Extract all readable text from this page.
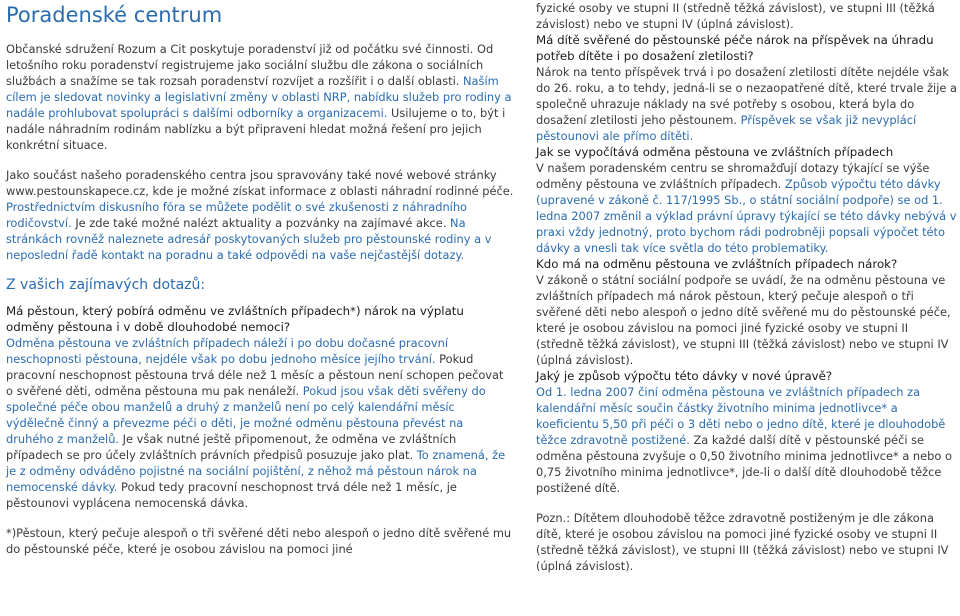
Poradenské centrum

Občanské sdružení Rozum a Cit poskytuje poradenství již od počátku své činnosti. Od letošního roku poradenství registrujeme jako sociální službu dle zákona o sociálních službách a snažíme se tak rozsah poradenství rozvíjet a rozšířit i o další oblasti. Naším cílem je sledovat novinky a legislativní změny v oblasti NRP, nabídku služeb pro rodiny a nadále prohlubovat spolupráci s dalšími odborníky a organizacemi. Usilujeme o to, být i nadále náhradním rodinám nablízku a být připraveni hledat možná řešení pro jejich konkrétní situace.

Jako součást našeho poradenského centra jsou spravovány také nové webové stránky www.pestounskapece.cz, kde je možné získat informace z oblasti náhradní rodinné péče. Prostřednictvím diskusního fóra se můžete podělit o své zkušenosti z náhradního rodičovství. Je zde také možné nalézt aktuality a pozvánky na zajímavé akce. Na stránkách rovněž naleznete adresář poskytovaných služeb pro pěstounské rodiny a v neposlední řadě kontakt na poradnu a také odpovědi na vaše nejčastější dotazy.

Z vašich zajímavých dotazů:

Má pěstoun, který pobírá odměnu ve zvláštních případech*) nárok na výplatu odměny pěstouna i v době dlouhodobé nemoci?

Odměna pěstouna ve zvláštních případech náleží i po dobu dočasné pracovní neschopnosti pěstouna, nejdéle však po dobu jednoho měsíce jejího trvání. Pokud pracovní neschopnost pěstouna trvá déle než 1 měsíc a pěstoun není schopen pečovat o svěřené děti, odměna pěstouna mu pak nenáleží. Pokud jsou však děti svěřeny do společné péče obou manželů a druhý z manželů není po celý kalendářní měsíc výdělečně činný a převezme péči o děti, je možné odměnu pěstouna převést na druhého z manželů. Je však nutné ještě připomenout, že odměna ve zvláštních případech se pro účely zvláštních právních předpisů posuzuje jako plat. To znamená, že je z odměny odváděno pojistné na sociální pojištění, z něhož má pěstoun nárok na nemocenské dávky. Pokud tedy pracovní neschopnost trvá déle než 1 měsíc, je pěstounovi vyplácena nemocenská dávka.

*)Pěstoun, který pečuje alespoň o tři svěřené děti nebo alespoň o jedno dítě svěřené mu do pěstounské péče, které je osobou závislou na pomoci jiné

fyzické osoby ve stupni II (středně těžká závislost), ve stupni III (těžká závislost) nebo ve stupni IV (úplná závislost).

Má dítě svěřené do pěstounské péče nárok na příspěvek na úhradu potřeb dítěte i po dosažení zletilosti?

Nárok na tento příspěvek trvá i po dosažení zletilosti dítěte nejdéle však do 26. roku, a to tehdy, jedná-li se o nezaopatřené dítě, které trvale žije a společně uhrazuje náklady na své potřeby s osobou, která byla do dosažení zletilosti jeho pěstounem. Příspěvek se však již nevyplácí pěstounovi ale přímo dítěti.

Jak se vypočítává odměna pěstouna ve zvláštních případech

V našem poradenském centru se shromažďují dotazy týkající se výše odměny pěstouna ve zvláštních případech. Způsob výpočtu této dávky (upravené v zákoně č. 117/1995 Sb., o státní sociální podpoře) se od 1. ledna 2007 změnil a výklad právní úpravy týkající se této dávky nebývá v praxi vždy jednotný, proto bychom rádi podrobněji popsali výpočet této dávky a vnesli tak více světla do této problematiky.

Kdo má na odměnu pěstouna ve zvláštních případech nárok?

V zákoně o státní sociální podpoře se uvádí, že na odměnu pěstouna ve zvláštních případech má nárok pěstoun, který pečuje alespoň o tři svěřené děti nebo alespoň o jedno dítě svěřené mu do pěstounské péče, které je osobou závislou na pomoci jiné fyzické osoby ve stupni II (středně těžká závislost), ve stupni III (těžká závislost) nebo ve stupni IV (úplná závislost).

Jaký je způsob výpočtu této dávky v nové úpravě?

Od 1. ledna 2007 činí odměna pěstouna ve zvláštních případech za kalendářní měsíc součin částky životního minima jednotlivce* a koeficientu 5,50 při péči o 3 děti nebo o jedno dítě, které je dlouhodobě těžce zdravotně postižené. Za každé další dítě v pěstounské péči se odměna pěstouna zvyšuje o 0,50 životního minima jednotlivce* a nebo o 0,75 životního minima jednotlivce*, jde-li o další dítě dlouhodobě těžce postižené dítě.

Pozn.: Dítětem dlouhodobě těžce zdravotně postiženým je dle zákona dítě, které je osobou závislou na pomoci jiné fyzické osoby ve stupni II (středně těžká závislost), ve stupni III (těžká závislost) nebo ve stupni IV (úplná závislost).
